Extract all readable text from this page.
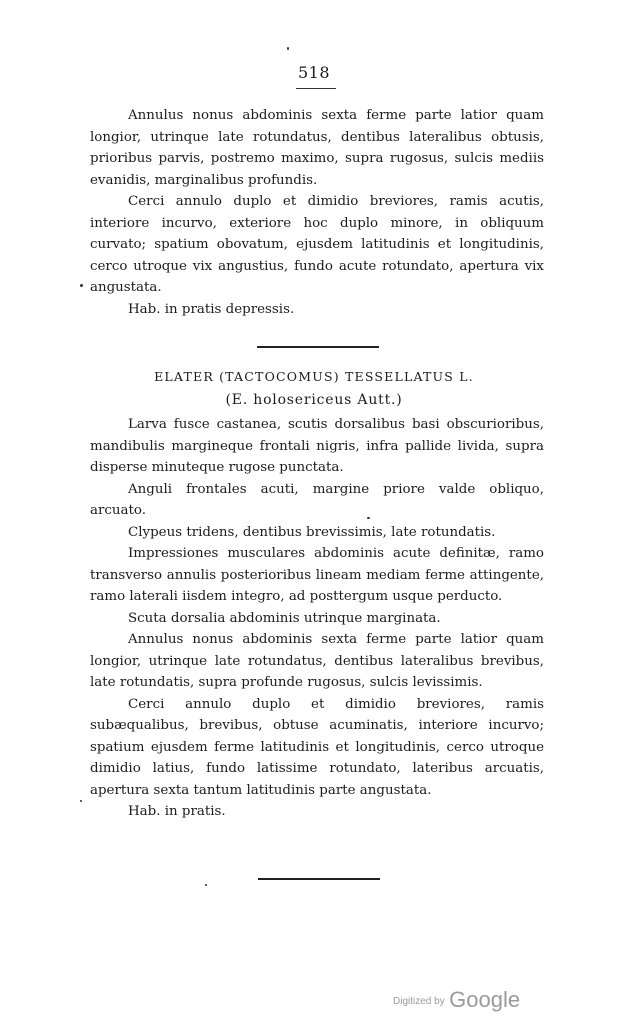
518

Annulus nonus abdominis sexta ferme parte latior quam longior, utrinque late rotundatus, dentibus lateralibus obtusis, prioribus parvis, postremo maximo, supra rugosus, sulcis mediis evanidis, marginalibus profundis.

Cerci annulo duplo et dimidio breviores, ramis acutis, interiore incurvo, exteriore hoc duplo minore, in obliquum curvato; spatium obovatum, ejusdem latitudinis et longitudinis, cerco utroque vix angustius, fundo acute rotundato, apertura vix angustata.

Hab. in pratis depressis.

ELATER (TACTOCOMUS) TESSELLATUS L.
(E. holosericeus Autt.)

Larva fusce castanea, scutis dorsalibus basi obscurioribus, mandibulis margineque frontali nigris, infra pallide livida, supra disperse minuteque rugose punctata.

Anguli frontales acuti, margine priore valde obliquo, arcuato.

Clypeus tridens, dentibus brevissimis, late rotundatis.

Impressiones musculares abdominis acute definitæ, ramo transverso annulis posterioribus lineam mediam ferme attingente, ramo laterali iisdem integro, ad posttergum usque perducto.

Scuta dorsalia abdominis utrinque marginata.

Annulus nonus abdominis sexta ferme parte latior quam longior, utrinque late rotundatus, dentibus lateralibus brevibus, late rotundatis, supra profunde rugosus, sulcis levissimis.

Cerci annulo duplo et dimidio breviores, ramis subæqualibus, brevibus, obtuse acuminatis, interiore incurvo; spatium ejusdem ferme latitudinis et longitudinis, cerco utroque dimidio latius, fundo latissime rotundato, lateribus arcuatis, apertura sexta tantum latitudinis parte angustata.

Hab. in pratis.

Digitized by Google
